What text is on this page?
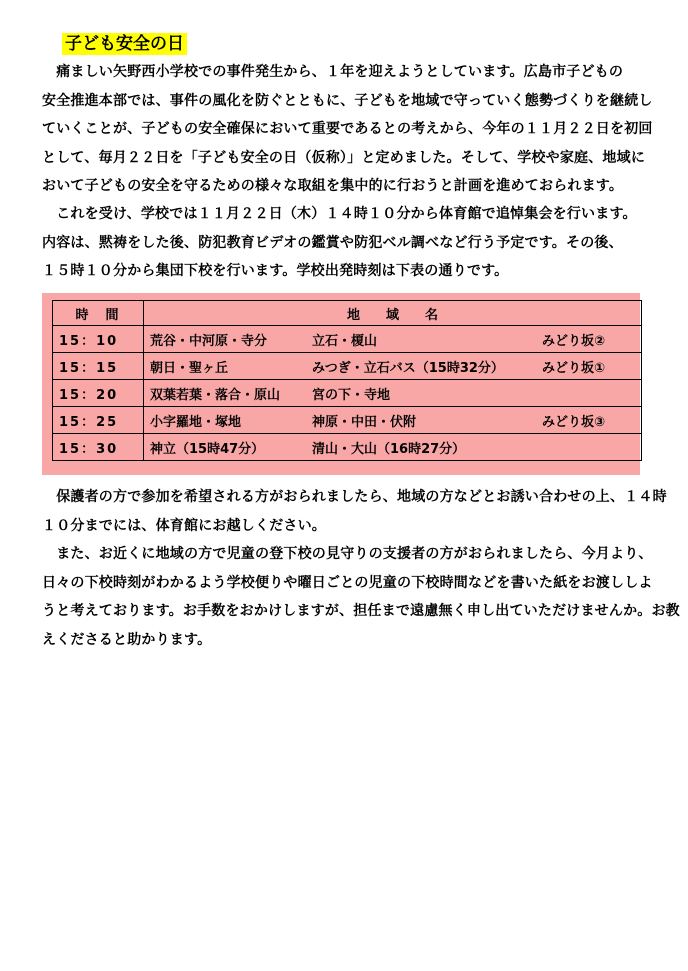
子ども安全の日
　痛ましい矢野西小学校での事件発生から、１年を迎えようとしています。広島市子どもの
安全推進本部では、事件の風化を防ぐとともに、子どもを地域で守っていく態勢づくりを継続し
ていくことが、子どもの安全確保において重要であるとの考えから、今年の１１月２２日を初回
として、毎月２２日を「子ども安全の日（仮称）」と定めました。そして、学校や家庭、地域に
おいて子どもの安全を守るための様々な取組を集中的に行おうと計画を進めておられます。
　これを受け、学校では１１月２２日（木）１４時１０分から体育館で追悼集会を行います。
内容は、黙祷をした後、防犯教育ビデオの鑑賞や防犯ベル調べなど行う予定です。その後、
１５時１０分から集団下校を行います。学校出発時刻は下表の通りです。
時　間	地　　域　　名
15：10	荒谷・中河原・寺分 立石・榎山 みどり坂②
15：15	朝日・聖ヶ丘 みつぎ・立石バス（15時32分） みどり坂①
15：20	双葉若葉・落合・原山 宮の下・寺地
15：25	小字羅地・塚地 神原・中田・伏附 みどり坂③
15：30	神立（15時47分） 清山・大山（16時27分）
　保護者の方で参加を希望される方がおられましたら、地域の方などとお誘い合わせの上、１４時
１０分までには、体育館にお越しください。
　また、お近くに地域の方で児童の登下校の見守りの支援者の方がおられましたら、今月より、
日々の下校時刻がわかるよう学校便りや曜日ごとの児童の下校時間などを書いた紙をお渡ししよ
うと考えております。お手数をおかけしますが、担任まで遠慮無く申し出ていただけませんか。お教
えくださると助かります。
